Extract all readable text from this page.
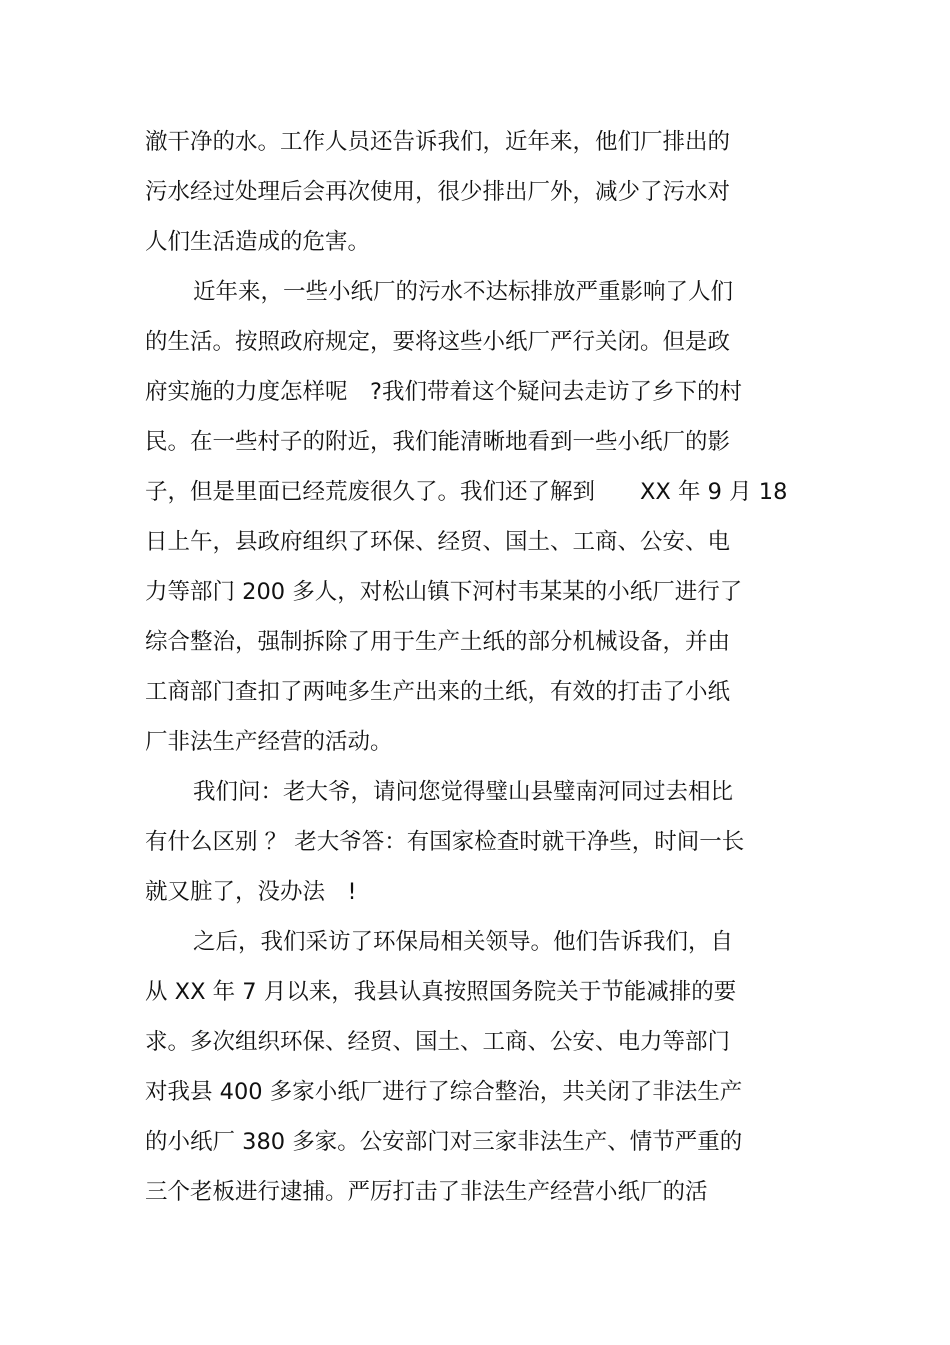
澈干净的水。工作人员还告诉我们，近年来，他们厂排出的
污水经过处理后会再次使用，很少排出厂外，减少了污水对
人们生活造成的危害。
近年来，一些小纸厂的污水不达标排放严重影响了人们
的生活。按照政府规定，要将这些小纸厂严行关闭。但是政
府实施的力度怎样呢　?我们带着这个疑问去走访了乡下的村
民。在一些村子的附近，我们能清晰地看到一些小纸厂的影
子，但是里面已经荒废很久了。我们还了解到　　XX 年 9 月 18
日上午，县政府组织了环保、经贸、国土、工商、公安、电
力等部门 200 多人，对松山镇下河村韦某某的小纸厂进行了
综合整治，强制拆除了用于生产土纸的部分机械设备，并由
工商部门查扣了两吨多生产出来的土纸，有效的打击了小纸
厂非法生产经营的活动。
我们问：老大爷，请问您觉得璧山县璧南河同过去相比
有什么区别 ？ 老大爷答：有国家检查时就干净些，时间一长
就又脏了，没办法　!
之后，我们采访了环保局相关领导。他们告诉我们，自
从 XX 年 7 月以来，我县认真按照国务院关于节能减排的要
求。多次组织环保、经贸、国土、工商、公安、电力等部门
对我县 400 多家小纸厂进行了综合整治，共关闭了非法生产
的小纸厂 380 多家。公安部门对三家非法生产、情节严重的
三个老板进行逮捕。严厉打击了非法生产经营小纸厂的活
